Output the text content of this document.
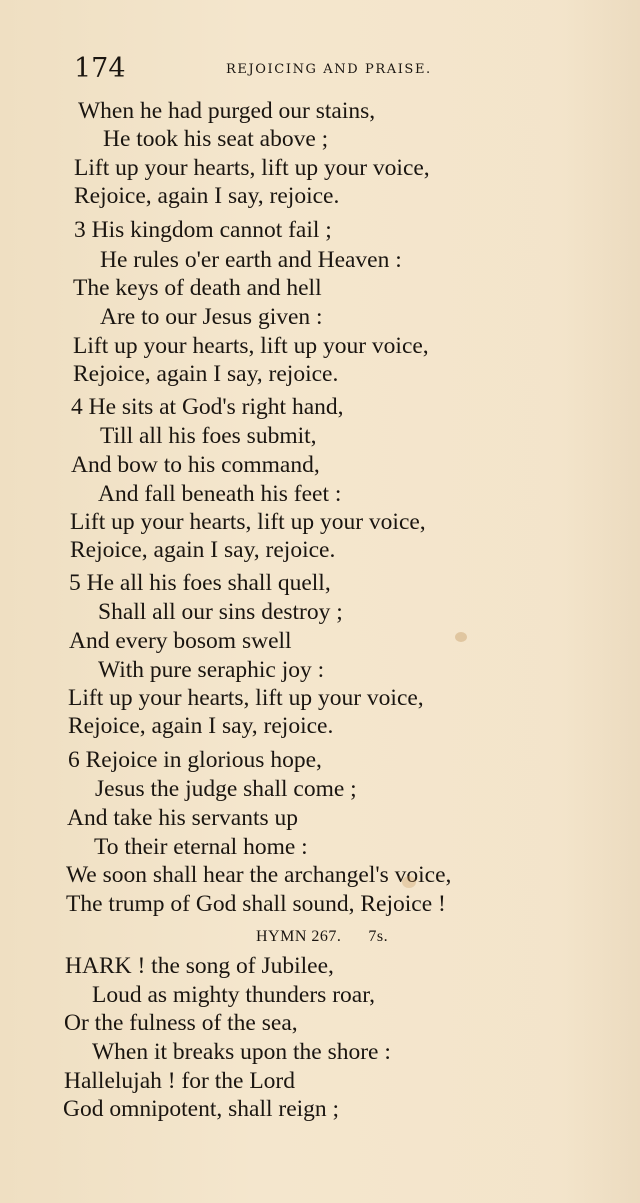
174	REJOICING AND PRAISE.
When he had purged our stains,
He took his seat above ;
Lift up your hearts, lift up your voice,
Rejoice, again I say, rejoice.
3 His kingdom cannot fail ;
He rules o'er earth and Heaven :
The keys of death and hell
Are to our Jesus given :
Lift up your hearts, lift up your voice,
Rejoice, again I say, rejoice.
4 He sits at God's right hand,
Till all his foes submit,
And bow to his command,
And fall beneath his feet :
Lift up your hearts, lift up your voice,
Rejoice, again I say, rejoice.
5 He all his foes shall quell,
Shall all our sins destroy ;
And every bosom swell
With pure seraphic joy :
Lift up your hearts, lift up your voice,
Rejoice, again I say, rejoice.
6 Rejoice in glorious hope,
Jesus the judge shall come ;
And take his servants up
To their eternal home :
We soon shall hear the archangel's voice,
The trump of God shall sound, Rejoice !
HYMN 267. 7s.
HARK ! the song of Jubilee,
Loud as mighty thunders roar,
Or the fulness of the sea,
When it breaks upon the shore :
Hallelujah ! for the Lord
God omnipotent, shall reign ;
